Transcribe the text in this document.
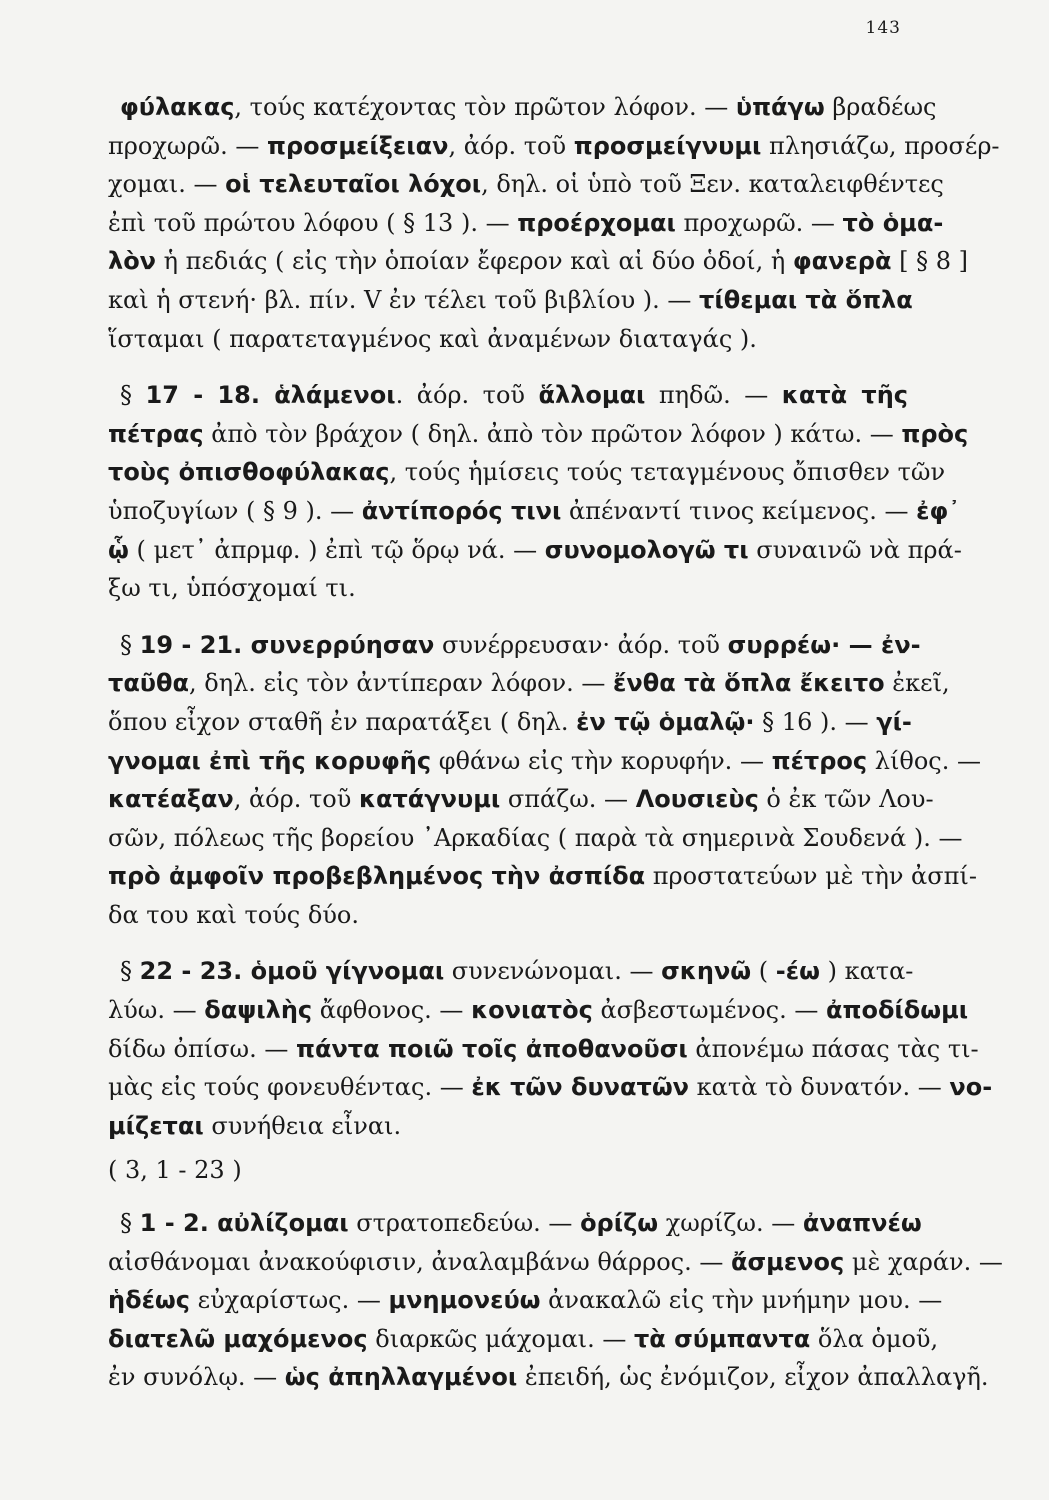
143
φύλακας, τούς κατέχοντας τὸν πρῶτον λόφον. — ὑπάγω βραδέως
προχωρῶ. — προσμείξειαν, ἀόρ. τοῦ προσμείγνυμι πλησιάζω, προσέρ-
χομαι. — οἱ τελευταῖοι λόχοι, δηλ. οἱ ὑπὸ τοῦ Ξεν. καταλειφθέντες
ἐπὶ τοῦ πρώτου λόφου ( § 13 ). — προέρχομαι προχωρῶ. — τὸ ὁμα-
λὸν ἡ πεδιάς ( εἰς τὴν ὁποίαν ἔφερον καὶ αἱ δύο ὁδοί, ἡ φανερὰ [ § 8 ]
καὶ ἡ στενή· βλ. πίν. V ἐν τέλει τοῦ βιβλίου ). — τίθεμαι τὰ ὅπλα
ἵσταμαι ( παρατεταγμένος καὶ ἀναμένων διαταγάς ).
§ 17 - 18. ἁλάμενοι. ἀόρ. τοῦ ἅλλομαι πηδῶ. — κατὰ τῆς
πέτρας ἀπὸ τὸν βράχον ( δηλ. ἀπὸ τὸν πρῶτον λόφον ) κάτω. — πρὸς
τοὺς ὀπισθοφύλακας, τούς ἡμίσεις τούς τεταγμένους ὄπισθεν τῶν
ὑποζυγίων ( § 9 ). — ἀντίπορός τινι ἀπέναντί τινος κείμενος. — ἐφ᾽
ᾧ ( μετ᾽ ἀπρμφ. ) ἐπὶ τῷ ὅρῳ νά. — συνομολογῶ τι συναινῶ νὰ πρά-
ξω τι, ὑπόσχομαί τι.
§ 19 - 21. συνερρύησαν συνέρρευσαν· ἀόρ. τοῦ συρρέω· — ἐν-
ταῦθα, δηλ. εἰς τὸν ἀντίπεραν λόφον. — ἔνθα τὰ ὅπλα ἔκειτο ἐκεῖ,
ὅπου εἶχον σταθῆ ἐν παρατάξει ( δηλ. ἐν τῷ ὁμαλῷ· § 16 ). — γί-
γνομαι ἐπὶ τῆς κορυφῆς φθάνω εἰς τὴν κορυφήν. — πέτρος λίθος. —
κατέαξαν, ἀόρ. τοῦ κατάγνυμι σπάζω. — Λουσιεὺς ὁ ἐκ τῶν Λου-
σῶν, πόλεως τῆς βορείου ᾽Αρκαδίας ( παρὰ τὰ σημερινὰ Σουδενά ). —
πρὸ ἀμφοῖν προβεβλημένος τὴν ἀσπίδα προστατεύων μὲ τὴν ἀσπί-
δα του καὶ τούς δύο.
§ 22 - 23. ὁμοῦ γίγνομαι συνενώνομαι. — σκηνῶ ( -έω ) κατα-
λύω. — δαψιλὴς ἄφθονος. — κονιατὸς ἀσβεστωμένος. — ἀποδίδωμι
δίδω ὀπίσω. — πάντα ποιῶ τοῖς ἀποθανοῦσι ἀπονέμω πάσας τὰς τι-
μὰς εἰς τούς φονευθέντας. — ἐκ τῶν δυνατῶν κατὰ τὸ δυνατόν. — νο-
μίζεται συνήθεια εἶναι.
( 3, 1 - 23 )
§ 1 - 2. αὐλίζομαι στρατοπεδεύω. — ὁρίζω χωρίζω. — ἀναπνέω
αἰσθάνομαι ἀνακούφισιν, ἀναλαμβάνω θάρρος. — ἄσμενος μὲ χαράν. —
ἡδέως εὐχαρίστως. — μνημονεύω ἀνακαλῶ εἰς τὴν μνήμην μου. —
διατελῶ μαχόμενος διαρκῶς μάχομαι. — τὰ σύμπαντα ὅλα ὁμοῦ,
ἐν συνόλῳ. — ὡς ἀπηλλαγμένοι ἐπειδή, ὡς ἐνόμιζον, εἶχον ἀπαλλαγῆ.
